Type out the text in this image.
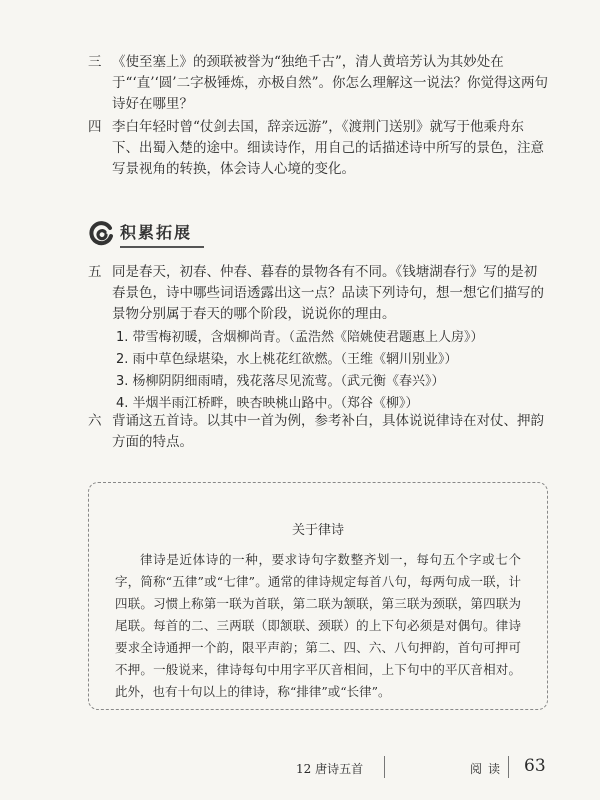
三 《使至塞上》的颈联被誉为“独绝千古”，清人黄培芳认为其妙处在于“‘直’‘圆’二字极锤炼，亦极自然”。你怎么理解这一说法？你觉得这两句诗好在哪里？
四 李白年轻时曾“仗剑去国，辞亲远游”，《渡荆门送别》就写于他乘舟东下、出蜀入楚的途中。细读诗作，用自己的话描述诗中所写的景色，注意写景视角的转换，体会诗人心境的变化。
积累拓展
五 同是春天，初春、仲春、暮春的景物各有不同。《钱塘湖春行》写的是初春景色，诗中哪些词语透露出这一点？品读下列诗句，想一想它们描写的景物分别属于春天的哪个阶段，说说你的理由。
1. 带雪梅初暖，含烟柳尚青。（孟浩然《陪姚使君题惠上人房》）
2. 雨中草色绿堪染，水上桃花红欲燃。（王维《辋川别业》）
3. 杨柳阴阴细雨晴，残花落尽见流莺。（武元衡《春兴》）
4. 半烟半雨江桥畔，映杏映桃山路中。（郑谷《柳》）
六 背诵这五首诗。以其中一首为例，参考补白，具体说说律诗在对仗、押韵方面的特点。
关于律诗
律诗是近体诗的一种，要求诗句字数整齐划一，每句五个字或七个字，简称“五律”或“七律”。通常的律诗规定每首八句，每两句成一联，计四联。习惯上称第一联为首联，第二联为颔联，第三联为颈联，第四联为尾联。每首的二、三两联（即颔联、颈联）的上下句必须是对偶句。律诗要求全诗通押一个韵，限平声韵；第二、四、六、八句押韵，首句可押可不押。一般说来，律诗每句中用字平仄音相间，上下句中的平仄音相对。此外，也有十句以上的律诗，称“排律”或“长律”。
12 唐诗五首	阅读 63
